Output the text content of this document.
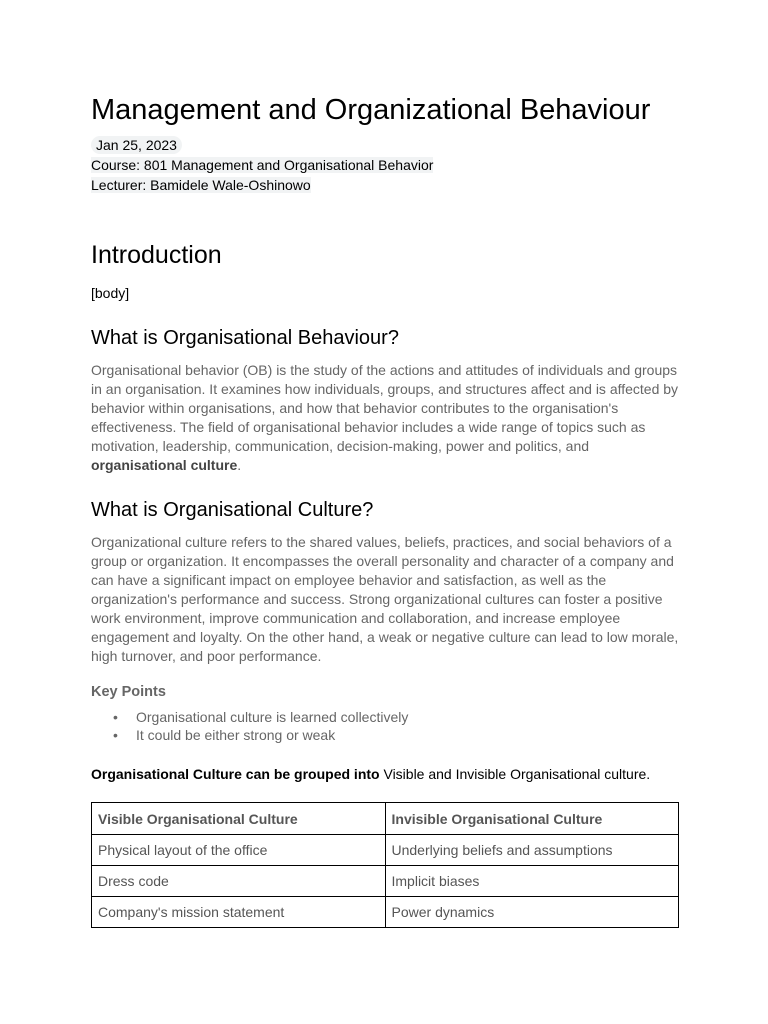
Management and Organizational Behaviour
Jan 25, 2023
Course: 801 Management and Organisational Behavior
Lecturer: Bamidele Wale-Oshinowo
Introduction
[body]
What is Organisational Behaviour?

Organisational behavior (OB) is the study of the actions and attitudes of individuals and groups in an organisation. It examines how individuals, groups, and structures affect and is affected by behavior within organisations, and how that behavior contributes to the organisation's effectiveness. The field of organisational behavior includes a wide range of topics such as motivation, leadership, communication, decision-making, power and politics, and organisational culture.

What is Organisational Culture?

Organizational culture refers to the shared values, beliefs, practices, and social behaviors of a group or organization. It encompasses the overall personality and character of a company and can have a significant impact on employee behavior and satisfaction, as well as the organization's performance and success. Strong organizational cultures can foster a positive work environment, improve communication and collaboration, and increase employee engagement and loyalty. On the other hand, a weak or negative culture can lead to low morale, high turnover, and poor performance.

Key Points
• Organisational culture is learned collectively
• It could be either strong or weak

Organisational Culture can be grouped into Visible and Invisible Organisational culture.

Visible Organisational Culture	Invisible Organisational Culture
Physical layout of the office	Underlying beliefs and assumptions
Dress code	Implicit biases
Company's mission statement	Power dynamics
